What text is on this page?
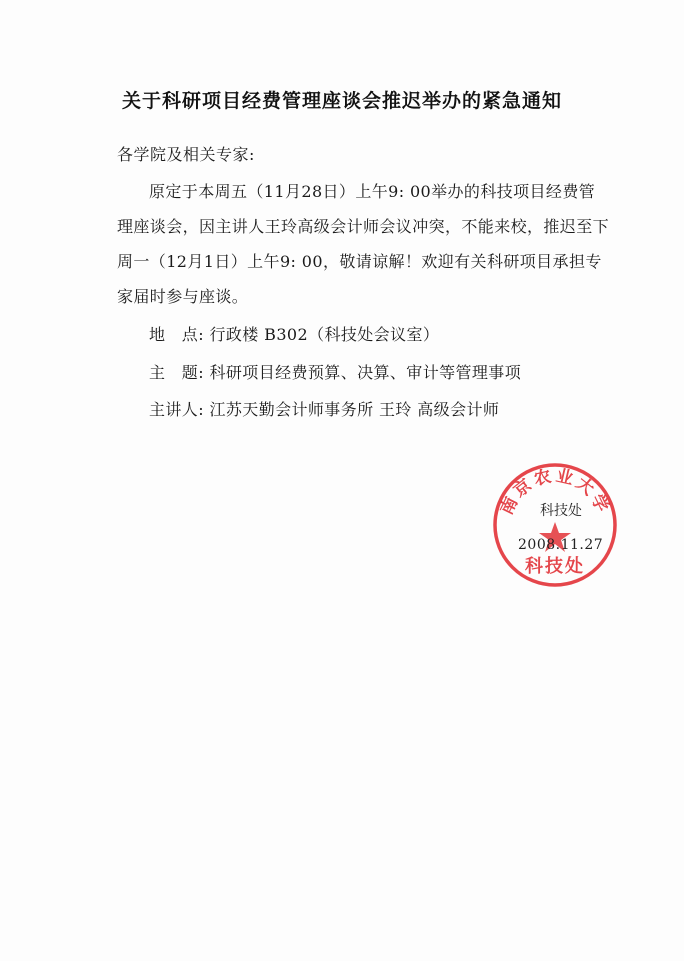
关于科研项目经费管理座谈会推迟举办的紧急通知
各学院及相关专家:
原定于本周五（11月28日）上午9: 00举办的科技项目经费管
理座谈会，因主讲人王玲高级会计师会议冲突，不能来校，推迟至下
周一（12月1日）上午9: 00，敬请谅解！欢迎有关科研项目承担专
家届时参与座谈。
地　点: 行政楼 B302（科技处会议室）
主　题: 科研项目经费预算、决算、审计等管理事项
主讲人: 江苏天勤会计师事务所 王玲 高级会计师
南京农业大学
科技处
科技处
2008.11.27
